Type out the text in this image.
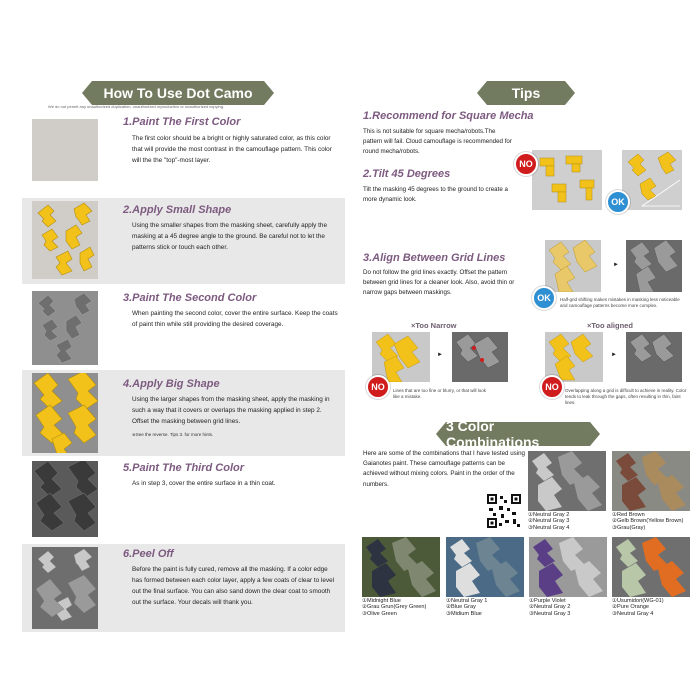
How To Use Dot Camo
We do not permit any unauthorized duplication, unauthorized reproduction or unauthorized copying.
1.Paint The First Color

The first color should be a bright or highly saturated color, as this color that will provide the most contrast in the camouflage pattern. This color will the the "top"-most layer.

2.Apply Small Shape

Using the smaller shapes from the masking sheet, carefully apply the masking at a 45 degree angle to the ground. Be careful not to let the patterns stick or touch each other.

3.Paint The Second Color

When painting the second color, cover the entire surface. Keep the coats of paint thin while still providing the desired coverage.

4.Apply Big Shape

Using the larger shapes from the masking sheet, apply the masking in such a way that it covers or overlaps the masking applied in step 2. Offset the masking between grid lines.

※See the reverse. Tips 3. for more hints.
5.Paint The Third Color

As in step 3, cover the entire surface in a thin coat.

6.Peel Off

Before the paint is fully cured, remove all the masking. If a color edge has formed between each color layer, apply a few coats of clear to level out the final surface. You can also sand down the clear coat to smooth out the surface. Your decals will thank you.

Tips
1.Recommend for Square Mecha
This is not suitable for square mecha/robots.The pattern will fail. Cloud camouflage is recommended for round mecha/robots.
2.Tilt 45 Degrees
Tilt the masking 45 degrees to the ground to create a more dynamic look.
NO
OK
3.Align Between Grid Lines
Do not follow the grid lines exactly. Offset the pattern between grid lines for a cleaner look. Also, avoid thin or narrow gaps between maskings.
►
OK Half-grid shifting makes mistakes in masking less noticeable and camouflage patterns become more complex.
×Too Narrow
►
NO Lines that are too fine or blurry, or that will look like a mistake.
×Too aligned
►
NO Overlapping along a grid is difficult to achieve in reality. Color tends to leak through the gaps, often resulting in thin, faint lines.
3 Color Combinations
Here are some of the combinations that I have tested using Gaianotes paint. These camouflage patterns can be achieved without mixing colors. Paint in the order of the numbers.
①Neutral Gray 2
②Neutral Gray 3
③Neutral Gray 4
①Red Brown
②Gelb Brown(Yellow Brown)
③Grau(Gray)
①Midnight Blue
②Grau Grun(Grey Green)
③Olive Green
①Neutral Gray 1
②Blue Gray
③Midium Blue
①Purple Violet
②Neutral Gray 2
③Neutral Gray 3
①Usumidori(WG-01)
②Pure Orange
③Neutral Gray 4
